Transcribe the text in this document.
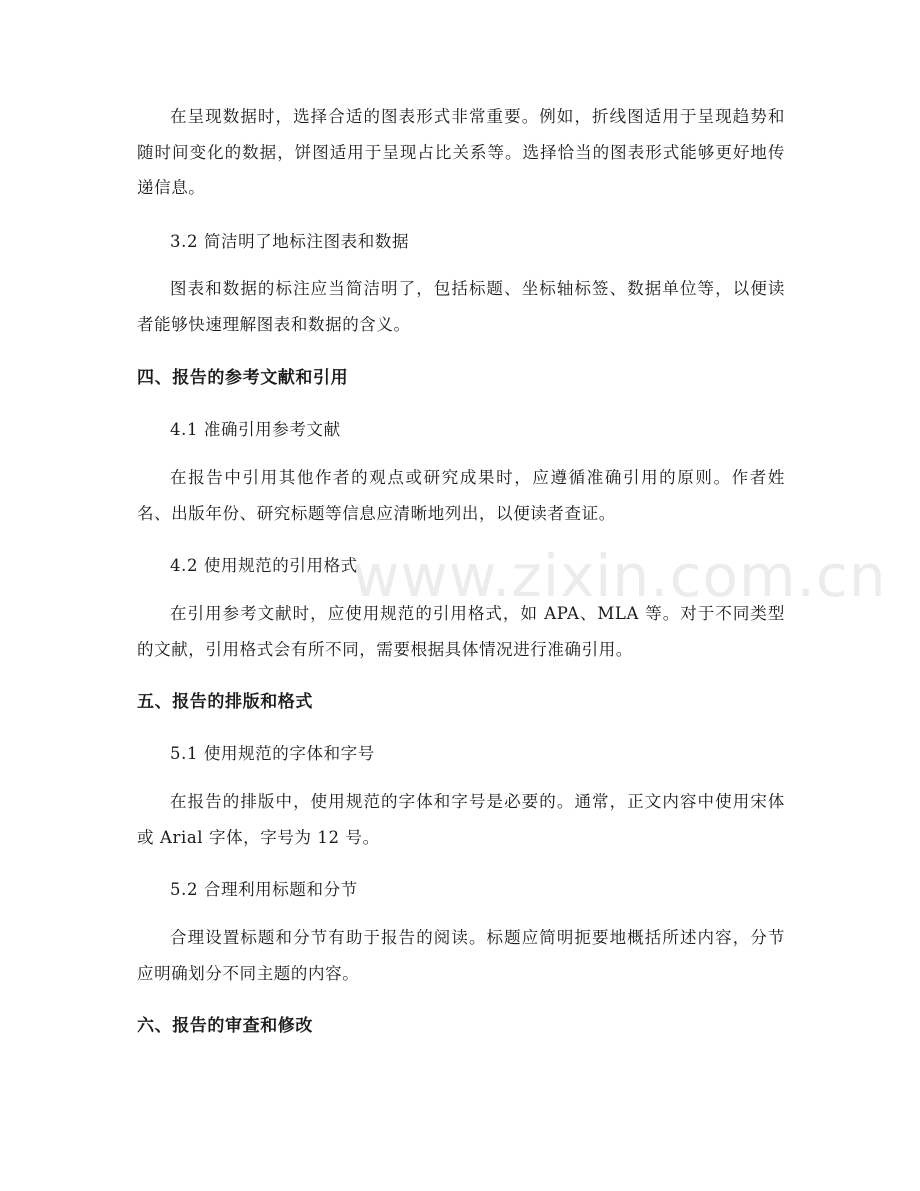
在呈现数据时，选择合适的图表形式非常重要。例如，折线图适用于呈现趋势和随时间变化的数据，饼图适用于呈现占比关系等。选择恰当的图表形式能够更好地传递信息。

3.2 简洁明了地标注图表和数据

图表和数据的标注应当简洁明了，包括标题、坐标轴标签、数据单位等，以便读者能够快速理解图表和数据的含义。

四、报告的参考文献和引用

4.1 准确引用参考文献

在报告中引用其他作者的观点或研究成果时，应遵循准确引用的原则。作者姓名、出版年份、研究标题等信息应清晰地列出，以便读者查证。

4.2 使用规范的引用格式

在引用参考文献时，应使用规范的引用格式，如 APA、MLA 等。对于不同类型的文献，引用格式会有所不同，需要根据具体情况进行准确引用。

五、报告的排版和格式

5.1 使用规范的字体和字号

在报告的排版中，使用规范的字体和字号是必要的。通常，正文内容中使用宋体或 Arial 字体，字号为 12 号。

5.2 合理利用标题和分节

合理设置标题和分节有助于报告的阅读。标题应简明扼要地概括所述内容，分节应明确划分不同主题的内容。

六、报告的审查和修改

www.zixin.com.cn
